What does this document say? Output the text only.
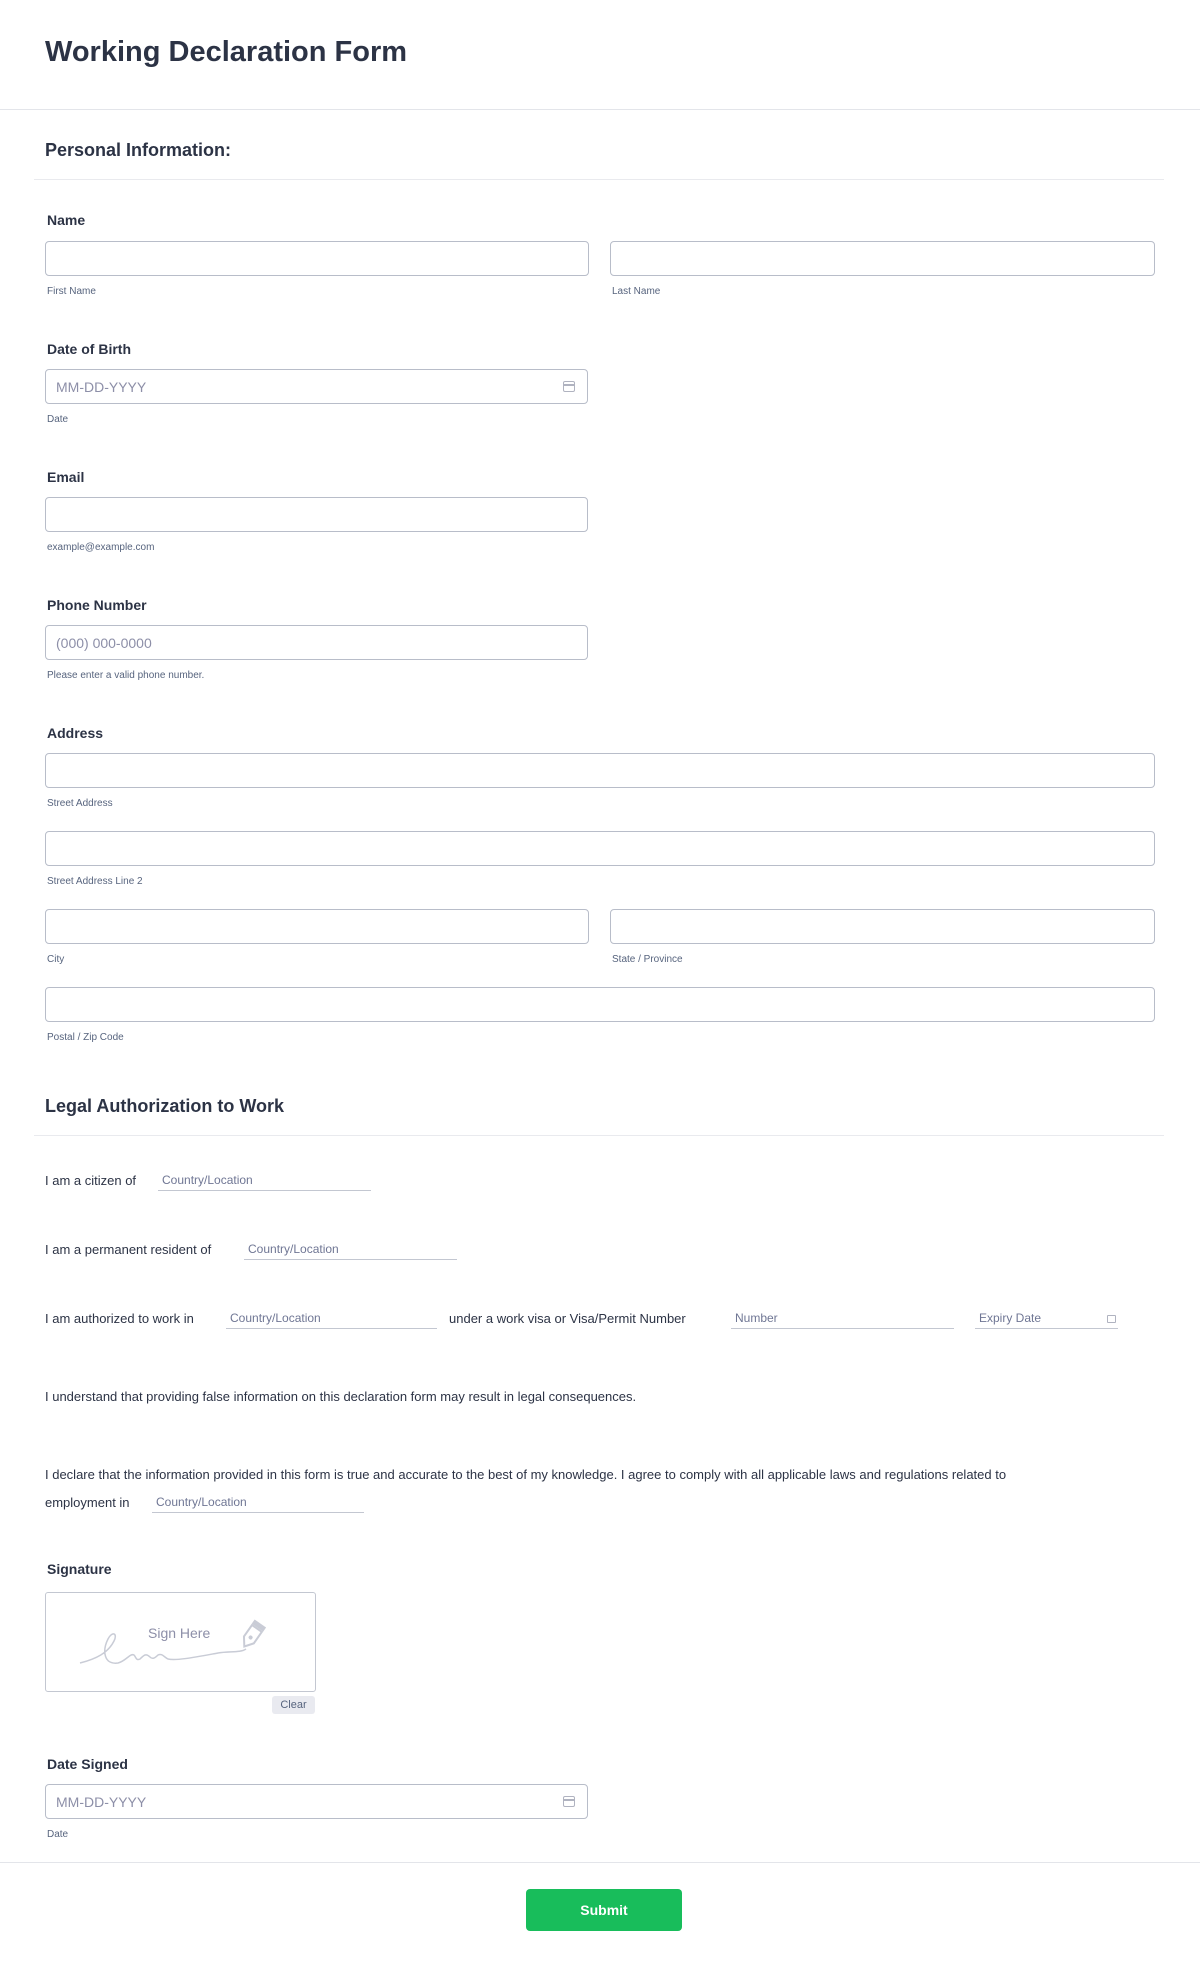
Working Declaration Form
Personal Information:
Name
First Name	Last Name
Date of Birth
MM-DD-YYYY
Date
Email
example@example.com
Phone Number
(000) 000-0000
Please enter a valid phone number.
Address
Street Address
Street Address Line 2
City	State / Province
Postal / Zip Code
Legal Authorization to Work
I am a citizen of Country/Location
I am a permanent resident of	Country/Location
I am authorized to work in	Country/Location	under a work visa or Visa/Permit Number	Number	Expiry Date
I understand that providing false information on this declaration form may result in legal consequences.
I declare that the information provided in this form is true and accurate to the best of my knowledge. I agree to comply with all applicable laws and regulations related to
employment in Country/Location
Signature
Sign Here
Clear
Date Signed
MM-DD-YYYY
Date
Submit
